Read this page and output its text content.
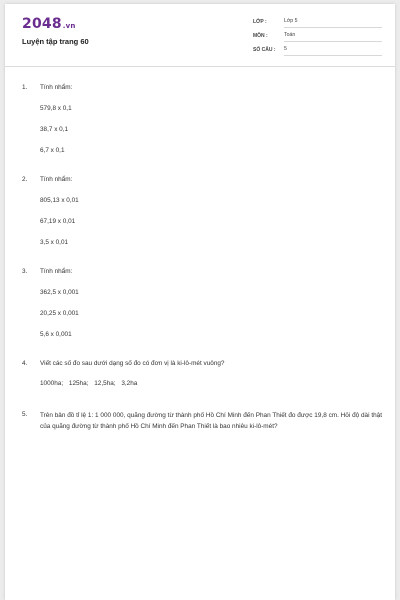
2048.vn
Luyện tập trang 60
LỚP :	Lớp 5
MÔN :	Toán
SỐ CÂU : 5
1. Tính nhẩm:
579,8 x 0,1
38,7 x 0,1
6,7 x 0,1
2. Tính nhẩm:
805,13 x 0,01
67,19 x 0,01
3,5 x 0,01
3. Tính nhẩm:
362,5 x 0,001
20,25 x 0,001
5,6 x 0,001
4. Viết các số đo sau dưới dạng số đo có đơn vị là ki-lô-mét vuông?
1000ha; 125ha; 12,5ha; 3,2ha
5. Trên bản đồ tỉ lệ 1: 1 000 000, quãng đường từ thành phố Hồ Chí Minh đến Phan Thiết đo được 19,8 cm. Hỏi độ dài thật của quãng đường từ thành phố Hồ Chí Minh đến Phan Thiết là bao nhiêu ki-lô-mét?
